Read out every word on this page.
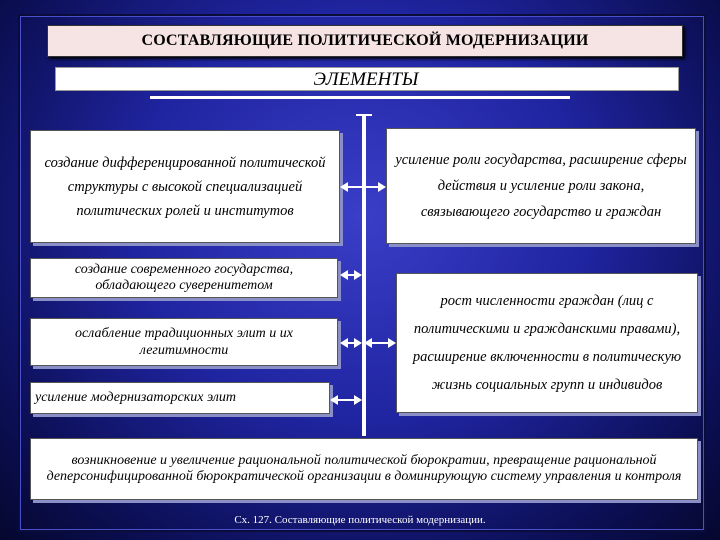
СОСТАВЛЯЮЩИЕ ПОЛИТИЧЕСКОЙ МОДЕРНИЗАЦИИ
ЭЛЕМЕНТЫ
создание дифференцированной политической структуры с высокой специализацией политических ролей и институтов
создание современного государства, обладающего суверенитетом
ослабление традиционных элит и их легитимности
усиление модернизаторских элит
усиление роли государства, расширение сферы действия и усиление роли закона, связывающего государство и граждан
рост численности граждан (лиц с политическими и гражданскими правами), расширение включенности в политическую жизнь социальных групп и индивидов
возникновение и увеличение рациональной политической бюрократии, превращение рациональной деперсонифицированной бюрократической организации в доминирующую систему управления и контроля
Сх. 127. Составляющие политической модернизации.
